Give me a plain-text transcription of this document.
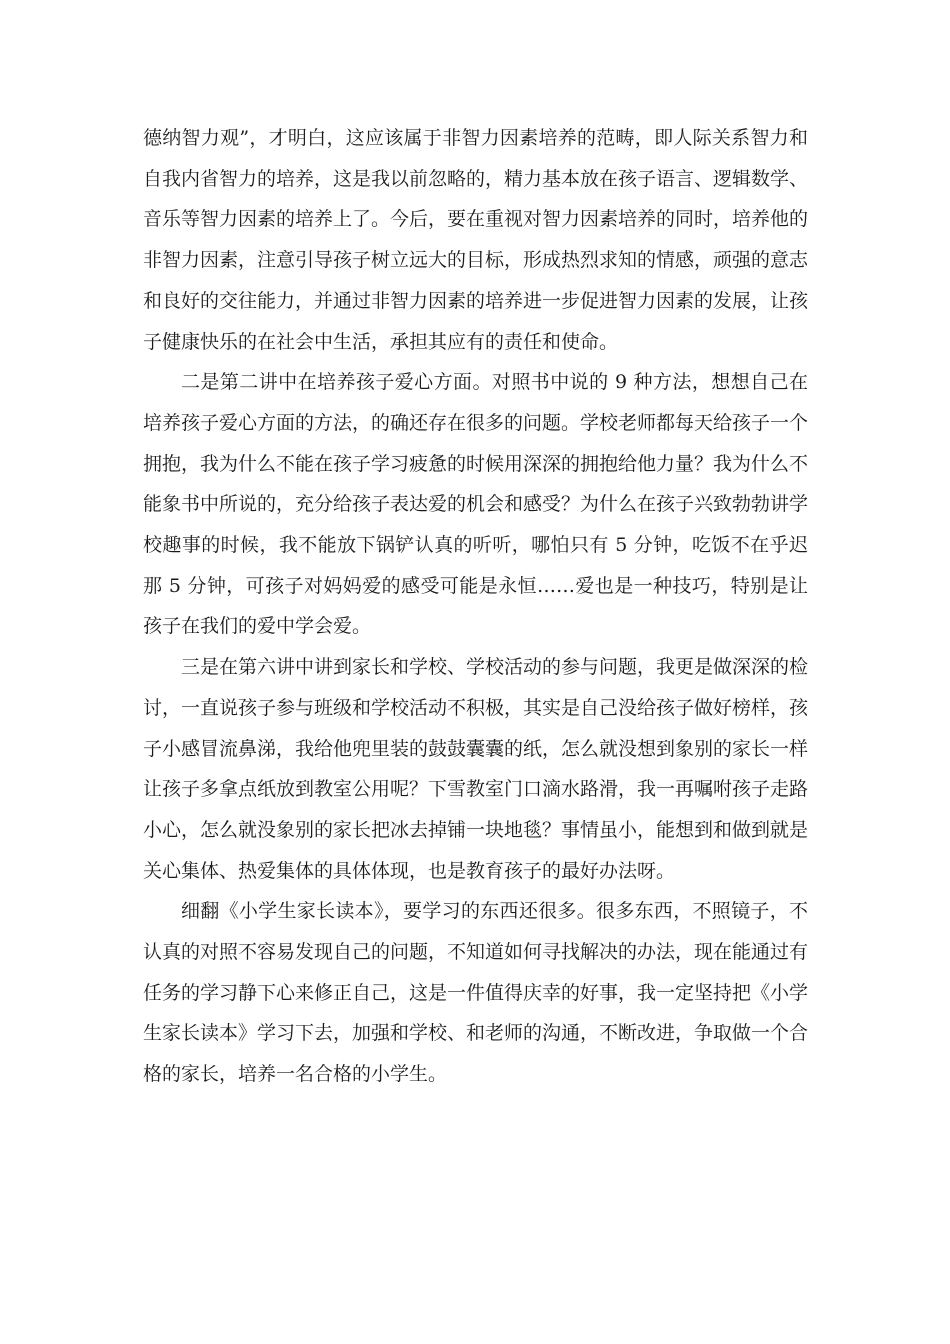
德纳智力观”，才明白，这应该属于非智力因素培养的范畴，即人际关系智力和自我内省智力的培养，这是我以前忽略的，精力基本放在孩子语言、逻辑数学、音乐等智力因素的培养上了。今后，要在重视对智力因素培养的同时，培养他的非智力因素，注意引导孩子树立远大的目标，形成热烈求知的情感，顽强的意志和良好的交往能力，并通过非智力因素的培养进一步促进智力因素的发展，让孩子健康快乐的在社会中生活，承担其应有的责任和使命。

二是第二讲中在培养孩子爱心方面。对照书中说的 9 种方法，想想自己在培养孩子爱心方面的方法，的确还存在很多的问题。学校老师都每天给孩子一个拥抱，我为什么不能在孩子学习疲惫的时候用深深的拥抱给他力量？我为什么不能象书中所说的，充分给孩子表达爱的机会和感受？为什么在孩子兴致勃勃讲学校趣事的时候，我不能放下锅铲认真的听听，哪怕只有 5 分钟，吃饭不在乎迟那 5 分钟，可孩子对妈妈爱的感受可能是永恒……爱也是一种技巧，特别是让孩子在我们的爱中学会爱。

三是在第六讲中讲到家长和学校、学校活动的参与问题，我更是做深深的检讨，一直说孩子参与班级和学校活动不积极，其实是自己没给孩子做好榜样，孩子小感冒流鼻涕，我给他兜里装的鼓鼓囊囊的纸，怎么就没想到象别的家长一样让孩子多拿点纸放到教室公用呢？下雪教室门口滴水路滑，我一再嘱咐孩子走路小心，怎么就没象别的家长把冰去掉铺一块地毯？事情虽小，能想到和做到就是关心集体、热爱集体的具体体现，也是教育孩子的最好办法呀。

细翻《小学生家长读本》，要学习的东西还很多。很多东西，不照镜子，不认真的对照不容易发现自己的问题，不知道如何寻找解决的办法，现在能通过有任务的学习静下心来修正自己，这是一件值得庆幸的好事，我一定坚持把《小学生家长读本》学习下去，加强和学校、和老师的沟通，不断改进，争取做一个合格的家长，培养一名合格的小学生。
